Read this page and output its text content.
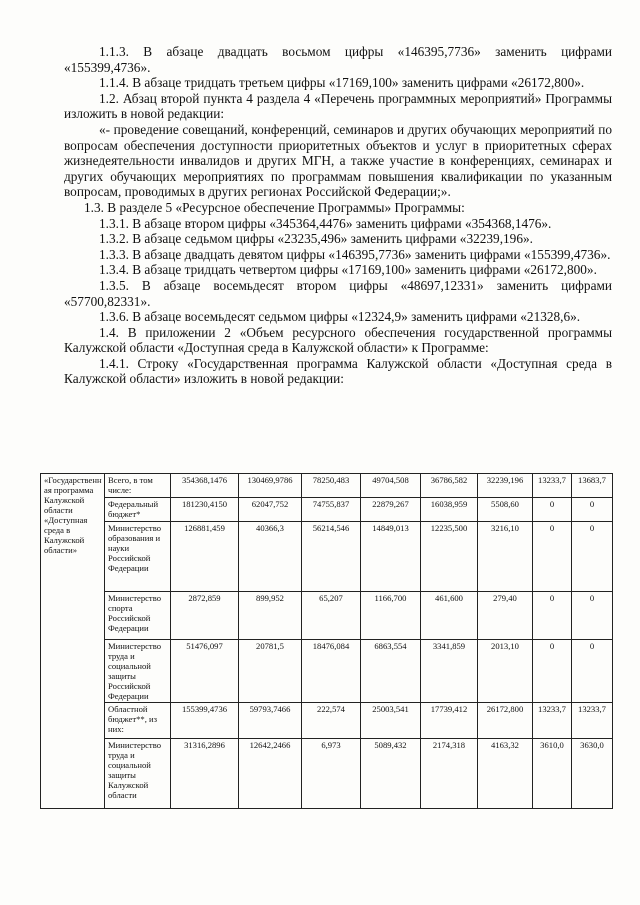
1.1.3. В абзаце двадцать восьмом цифры «146395,7736» заменить цифрами «155399,4736».

1.1.4. В абзаце тридцать третьем цифры «17169,100» заменить цифрами «26172,800».

1.2. Абзац второй пункта 4 раздела 4 «Перечень программных мероприятий» Программы изложить в новой редакции:

«- проведение совещаний, конференций, семинаров и других обучающих мероприятий по вопросам обеспечения доступности приоритетных объектов и услуг в приоритетных сферах жизнедеятельности инвалидов и других МГН, а также участие в конференциях, семинарах и других обучающих мероприятиях по программам повышения квалификации по указанным вопросам, проводимых в других регионах Российской Федерации;».

1.3. В разделе 5 «Ресурсное обеспечение Программы» Программы:

1.3.1. В абзаце втором цифры «345364,4476» заменить цифрами «354368,1476».

1.3.2. В абзаце седьмом цифры «23235,496» заменить цифрами «32239,196».

1.3.3. В абзаце двадцать девятом цифры «146395,7736» заменить цифрами «155399,4736».

1.3.4. В абзаце тридцать четвертом цифры «17169,100» заменить цифрами «26172,800».

1.3.5. В абзаце восемьдесят втором цифры «48697,12331» заменить цифрами «57700,82331».

1.3.6. В абзаце восемьдесят седьмом цифры «12324,9» заменить цифрами «21328,6».

1.4. В приложении 2 «Объем ресурсного обеспечения государственной программы Калужской области «Доступная среда в Калужской области» к Программе:

1.4.1. Строку «Государственная программа Калужской области «Доступная среда в Калужской области» изложить в новой редакции:

«Государственная программа Калужской области «Доступная среда в Калужской области»	Всего, в том числе:	354368,1476	130469,9786	78250,483	49704,508	36786,582	32239,196	13233,7	13683,7
	Федеральный бюджет*	181230,4150	62047,752	74755,837	22879,267	16038,959	5508,60	0	0
	Министерство образования и науки Российской Федерации	126881,459	40366,3	56214,546	14849,013	12235,500	3216,10	0	0
	Министерство спорта Российской Федерации	2872,859	899,952	65,207	1166,700	461,600	279,40	0	0
	Министерство труда и социальной защиты Российской Федерации	51476,097	20781,5	18476,084	6863,554	3341,859	2013,10	0	0
	Областной бюджет**, из них:	155399,4736	59793,7466	222,574	25003,541	17739,412	26172,800	13233,7	13233,7
	Министерство труда и социальной защиты Калужской области	31316,2896	12642,2466	6,973	5089,432	2174,318	4163,32	3610,0	3630,0
